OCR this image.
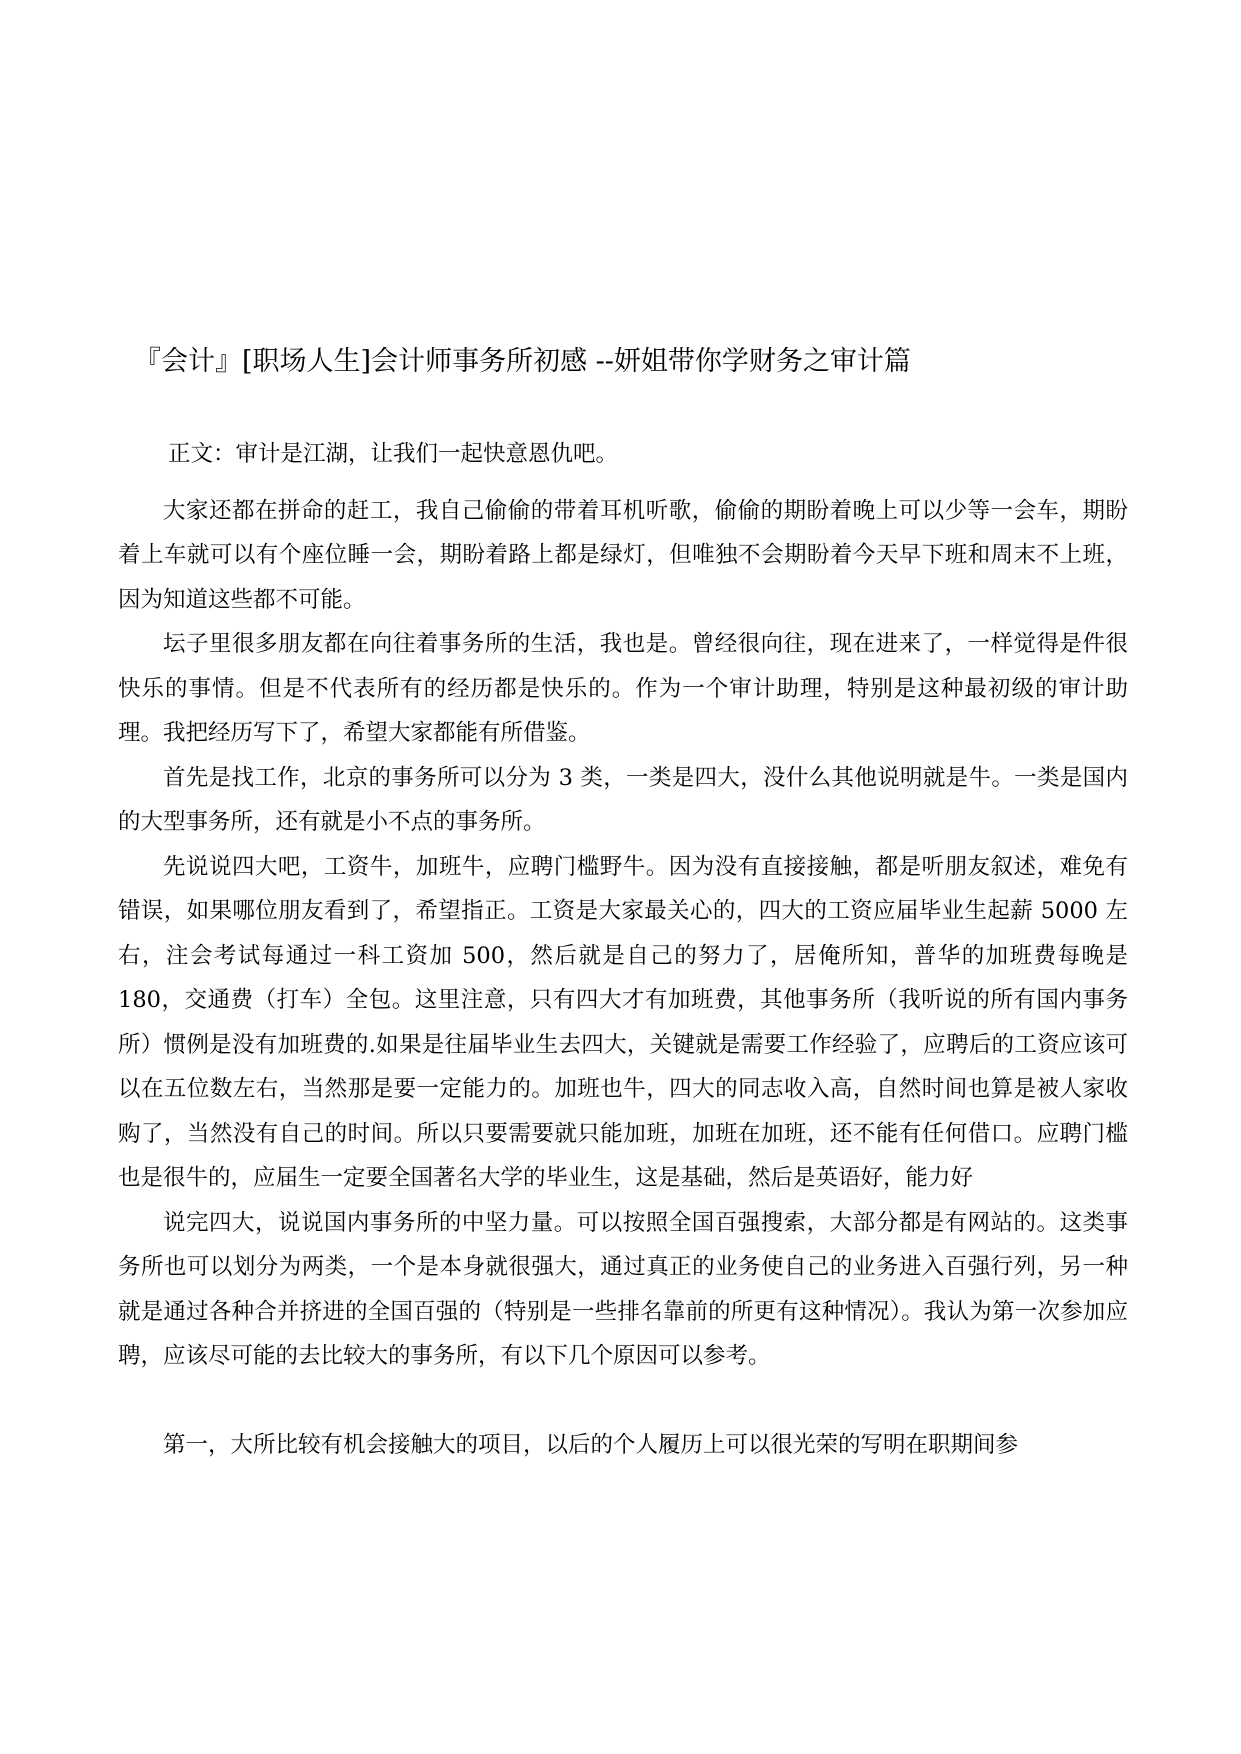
『会计』[职场人生]会计师事务所初感 --妍姐带你学财务之审计篇

正文：审计是江湖，让我们一起快意恩仇吧。

大家还都在拼命的赶工，我自己偷偷的带着耳机听歌，偷偷的期盼着晚上可以少等一会车，期盼着上车就可以有个座位睡一会，期盼着路上都是绿灯，但唯独不会期盼着今天早下班和周末不上班，因为知道这些都不可能。

坛子里很多朋友都在向往着事务所的生活，我也是。曾经很向往，现在进来了，一样觉得是件很快乐的事情。但是不代表所有的经历都是快乐的。作为一个审计助理，特别是这种最初级的审计助理。我把经历写下了，希望大家都能有所借鉴。

首先是找工作，北京的事务所可以分为 3 类，一类是四大，没什么其他说明就是牛。一类是国内的大型事务所，还有就是小不点的事务所。

先说说四大吧，工资牛，加班牛，应聘门槛野牛。因为没有直接接触，都是听朋友叙述，难免有错误，如果哪位朋友看到了，希望指正。工资是大家最关心的，四大的工资应届毕业生起薪 5000 左右，注会考试每通过一科工资加 500，然后就是自己的努力了，居俺所知，普华的加班费每晚是 180，交通费（打车）全包。这里注意，只有四大才有加班费，其他事务所（我听说的所有国内事务所）惯例是没有加班费的.如果是往届毕业生去四大，关键就是需要工作经验了，应聘后的工资应该可以在五位数左右，当然那是要一定能力的。加班也牛，四大的同志收入高，自然时间也算是被人家收购了，当然没有自己的时间。所以只要需要就只能加班，加班在加班，还不能有任何借口。应聘门槛也是很牛的，应届生一定要全国著名大学的毕业生，这是基础，然后是英语好，能力好

说完四大，说说国内事务所的中坚力量。可以按照全国百强搜索，大部分都是有网站的。这类事务所也可以划分为两类，一个是本身就很强大，通过真正的业务使自己的业务进入百强行列，另一种就是通过各种合并挤进的全国百强的（特别是一些排名靠前的所更有这种情况）。我认为第一次参加应聘，应该尽可能的去比较大的事务所，有以下几个原因可以参考。

第一，大所比较有机会接触大的项目，以后的个人履历上可以很光荣的写明在职期间参
